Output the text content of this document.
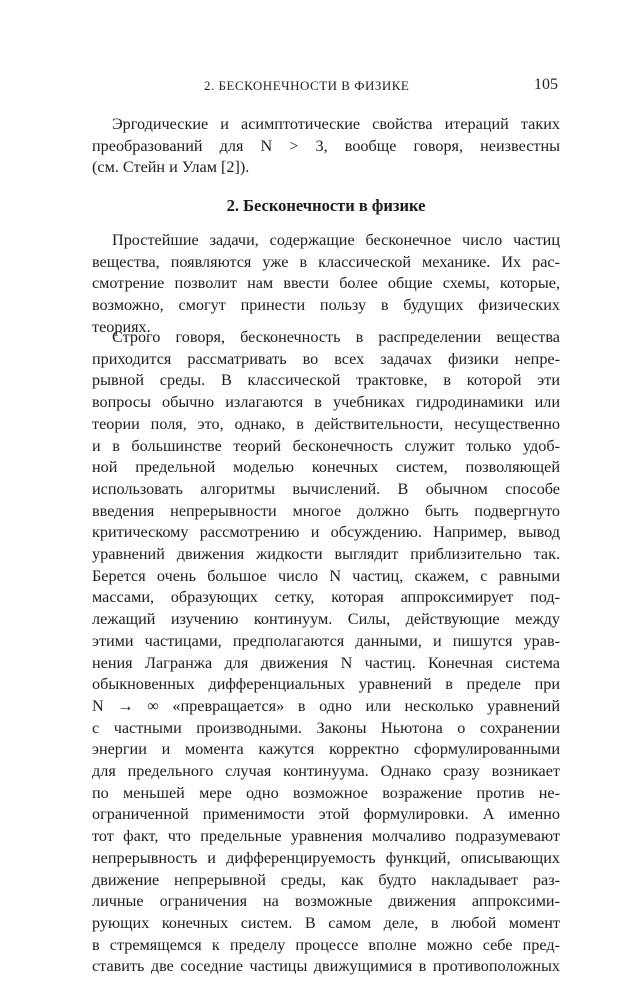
2. БЕСКОНЕЧНОСТИ В ФИЗИКЕ	105
Эргодические и асимптотические свойства итераций таких
преобразований для N > 3, вообще говоря, неизвестны
(см. Стейн и Улам [2]).
2. Бесконечности в физике
Простейшие задачи, содержащие бесконечное число частиц
вещества, появляются уже в классической механике. Их рас-
смотрение позволит нам ввести более общие схемы, которые,
возможно, смогут принести пользу в будущих физических
теориях.
Строго говоря, бесконечность в распределении вещества
приходится рассматривать во всех задачах физики непре-
рывной среды. В классической трактовке, в которой эти
вопросы обычно излагаются в учебниках гидродинамики или
теории поля, это, однако, в действительности, несущественно
и в большинстве теорий бесконечность служит только удоб-
ной предельной моделью конечных систем, позволяющей
использовать алгоритмы вычислений. В обычном способе
введения непрерывности многое должно быть подвергнуто
критическому рассмотрению и обсуждению. Например, вывод
уравнений движения жидкости выглядит приблизительно так.
Берется очень большое число N частиц, скажем, с равными
массами, образующих сетку, которая аппроксимирует под-
лежащий изучению континуум. Силы, действующие между
этими частицами, предполагаются данными, и пишутся урав-
нения Лагранжа для движения N частиц. Конечная система
обыкновенных дифференциальных уравнений в пределе при
N → ∞ «превращается» в одно или несколько уравнений
с частными производными. Законы Ньютона о сохранении
энергии и момента кажутся корректно сформулированными
для предельного случая континуума. Однако сразу возникает
по меньшей мере одно возможное возражение против не-
ограниченной применимости этой формулировки. А именно
тот факт, что предельные уравнения молчаливо подразумевают
непрерывность и дифференцируемость функций, описывающих
движение непрерывной среды, как будто накладывает раз-
личные ограничения на возможные движения аппроксими-
рующих конечных систем. В самом деле, в любой момент
в стремящемся к пределу процессе вполне можно себе пред-
ставить две соседние частицы движущимися в противоположных
